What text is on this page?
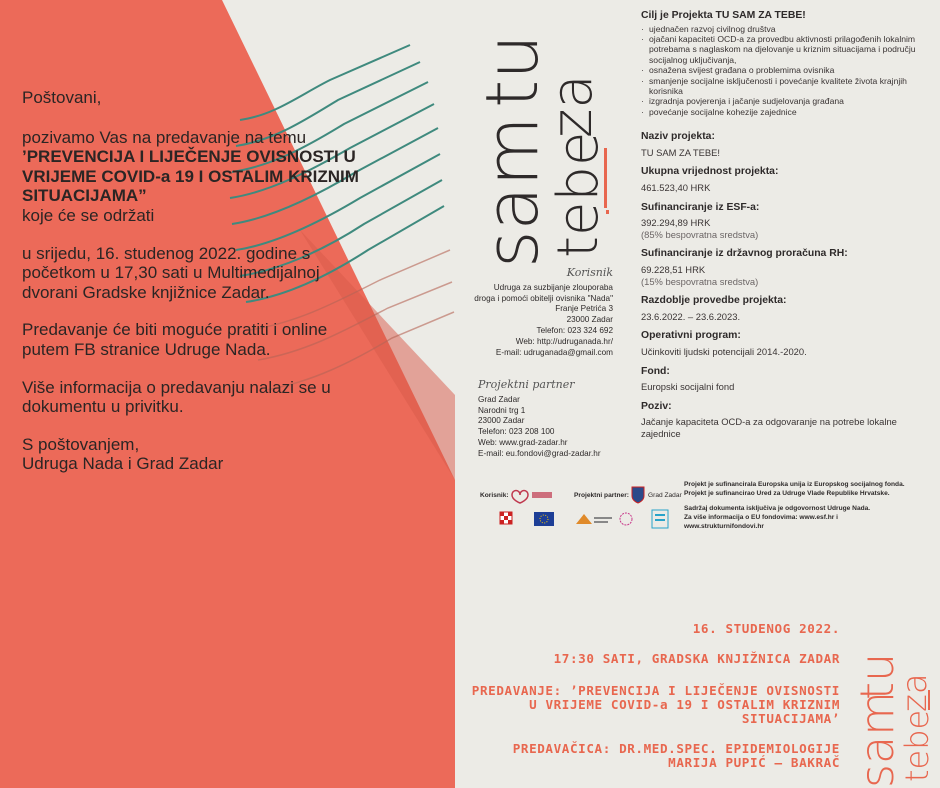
Poštovani,

pozivamo Vas na predavanje na temu

’PREVENCIJA I LIJEČENJE OVISNOSTI U VRIJEME COVID-a 19 I OSTALIM KRIZNIM SITUACIJAMA”

koje će se održati

u srijedu, 16. studenog 2022. godine s početkom u 17,30 sati u Multimedijalnoj dvorani Gradske knjižnice Zadar.

Predavanje će biti moguće pratiti i online putem FB stranice Udruge Nada.

Više informacija o predavanju nalazi se u dokumentu u privitku.

S poštovanjem,

Udruga Nada i Grad Zadar

tu
sam
za
tebe
Cilj je Projekta TU SAM ZA TEBE!
· ujednačen razvoj civilnog društva
· ojačani kapaciteti OCD-a za provedbu aktivnosti prilagođenih lokalnim potrebama s naglaskom na djelovanje u kriznim situacijama i području socijalnog uključivanja,
· osnažena svijest građana o problemima ovisnika
· smanjenje socijalne isključenosti i povećanje kvalitete života krajnjih korisnika
· izgradnja povjerenja i jačanje sudjelovanja građana
· povećanje socijalne kohezije zajednice
Naziv projekta:
TU SAM ZA TEBE!
Ukupna vrijednost projekta:
461.523,40 HRK
Sufinanciranje iz ESF-a:
392.294,89 HRK
(85% bespovratna sredstva)
Sufinanciranje iz državnog proračuna RH:
69.228,51 HRK
(15% bespovratna sredstva)
Razdoblje provedbe projekta:
23.6.2022. – 23.6.2023.
Operativni program:
Učinkoviti ljudski potencijali 2014.-2020.
Fond:
Europski socijalni fond
Poziv:
Jačanje kapaciteta OCD-a za odgovaranje na potrebe lokalne zajednice
Korisnik
Udruga za suzbijanje zlouporaba
droga i pomoći obitelji ovisnika "Nada"
Franje Petrića 3
23000 Zadar
Telefon: 023 324 692
Web: http://udruganada.hr/
E-mail: udruganada@gmail.com
Projektni partner
Grad Zadar
Narodni trg 1
23000 Zadar
Telefon: 023 208 100
Web: www.grad-zadar.hr
E-mail: eu.fondovi@grad-zadar.hr
Korisnik:	Projektni partner:	Grad Zadar
Projekt je sufinancirala Europska unija iz Europskog socijalnog fonda.
Projekt je sufinancirao Ured za Udruge Vlade Republike Hrvatske.
Sadržaj dokumenta isključiva je odgovornost Udruge Nada.
Za više informacija o EU fondovima: www.esf.hr i
www.strukturnifondovi.hr

16. STUDENOG 2022.

17:30 SATI, GRADSKA KNJIŽNICA ZADAR

PREDAVANJE: ’PREVENCIJA I LIJEČENJE OVISNOSTI U VRIJEME COVID-a 19 I OSTALIM KRIZNIM SITUACIJAMA’

PREDAVAČICA: DR.MED.SPEC. EPIDEMIOLOGIJE MARIJA PUPIĆ – BAKRAČ

tu
sam
za
tebe
